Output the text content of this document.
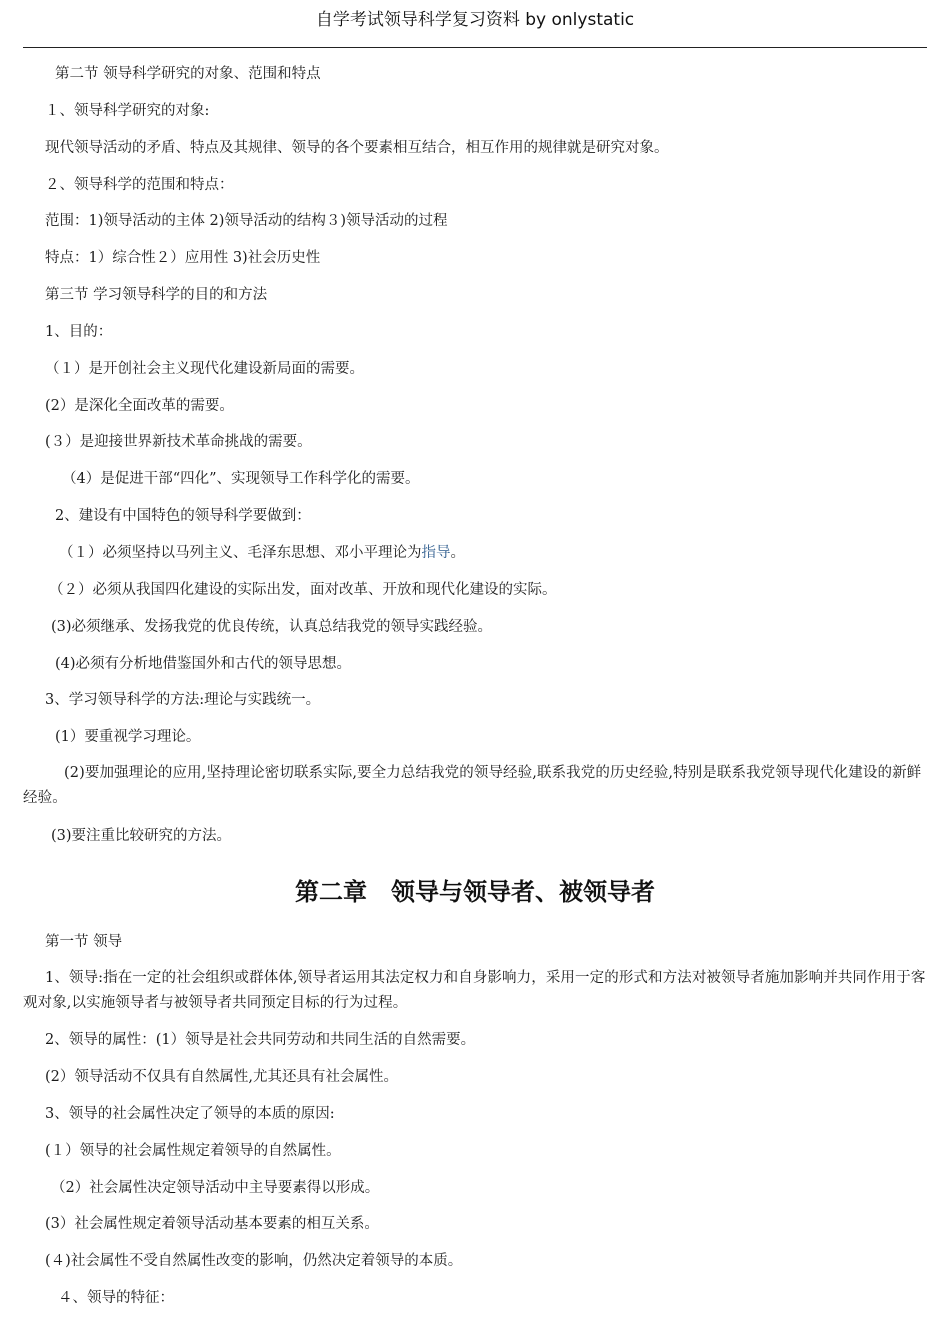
自学考试领导科学复习资料 by onlystatic
第二节 领导科学研究的对象、范围和特点
１、领导科学研究的对象:
现代领导活动的矛盾、特点及其规律、领导的各个要素相互结合，相互作用的规律就是研究对象。
２、领导科学的范围和特点：
范围：1)领导活动的主体 2)领导活动的结构３)领导活动的过程
特点：1）综合性２）应用性 3)社会历史性
第三节 学习领导科学的目的和方法
1、目的：
（１）是开创社会主义现代化建设新局面的需要。
(2）是深化全面改革的需要。
(３）是迎接世界新技术革命挑战的需要。
（4）是促进干部“四化”、实现领导工作科学化的需要。
2、建设有中国特色的领导科学要做到：
（１）必须坚持以马列主义、毛泽东思想、邓小平理论为指导。
（２）必须从我国四化建设的实际出发，面对改革、开放和现代化建设的实际。
(3)必须继承、发扬我党的优良传统，认真总结我党的领导实践经验。
(4)必须有分析地借鉴国外和古代的领导思想。
3、学习领导科学的方法:理论与实践统一。
(1）要重视学习理论。
(2)要加强理论的应用,坚持理论密切联系实际,要全力总结我党的领导经验,联系我党的历史经验,特别是联系我党领导现代化建设的新鲜经验。
(3)要注重比较研究的方法。
第二章　领导与领导者、被领导者
第一节 领导
1、领导:指在一定的社会组织或群体体,领导者运用其法定权力和自身影响力，采用一定的形式和方法对被领导者施加影响并共同作用于客观对象,以实施领导者与被领导者共同预定目标的行为过程。
2、领导的属性：(1）领导是社会共同劳动和共同生活的自然需要。
(2）领导活动不仅具有自然属性,尤其还具有社会属性。
3、领导的社会属性决定了领导的本质的原因:
(１）领导的社会属性规定着领导的自然属性。
（2）社会属性决定领导活动中主导要素得以形成。
(3）社会属性规定着领导活动基本要素的相互关系。
(４)社会属性不受自然属性改变的影响，仍然决定着领导的本质。
４、领导的特征：
